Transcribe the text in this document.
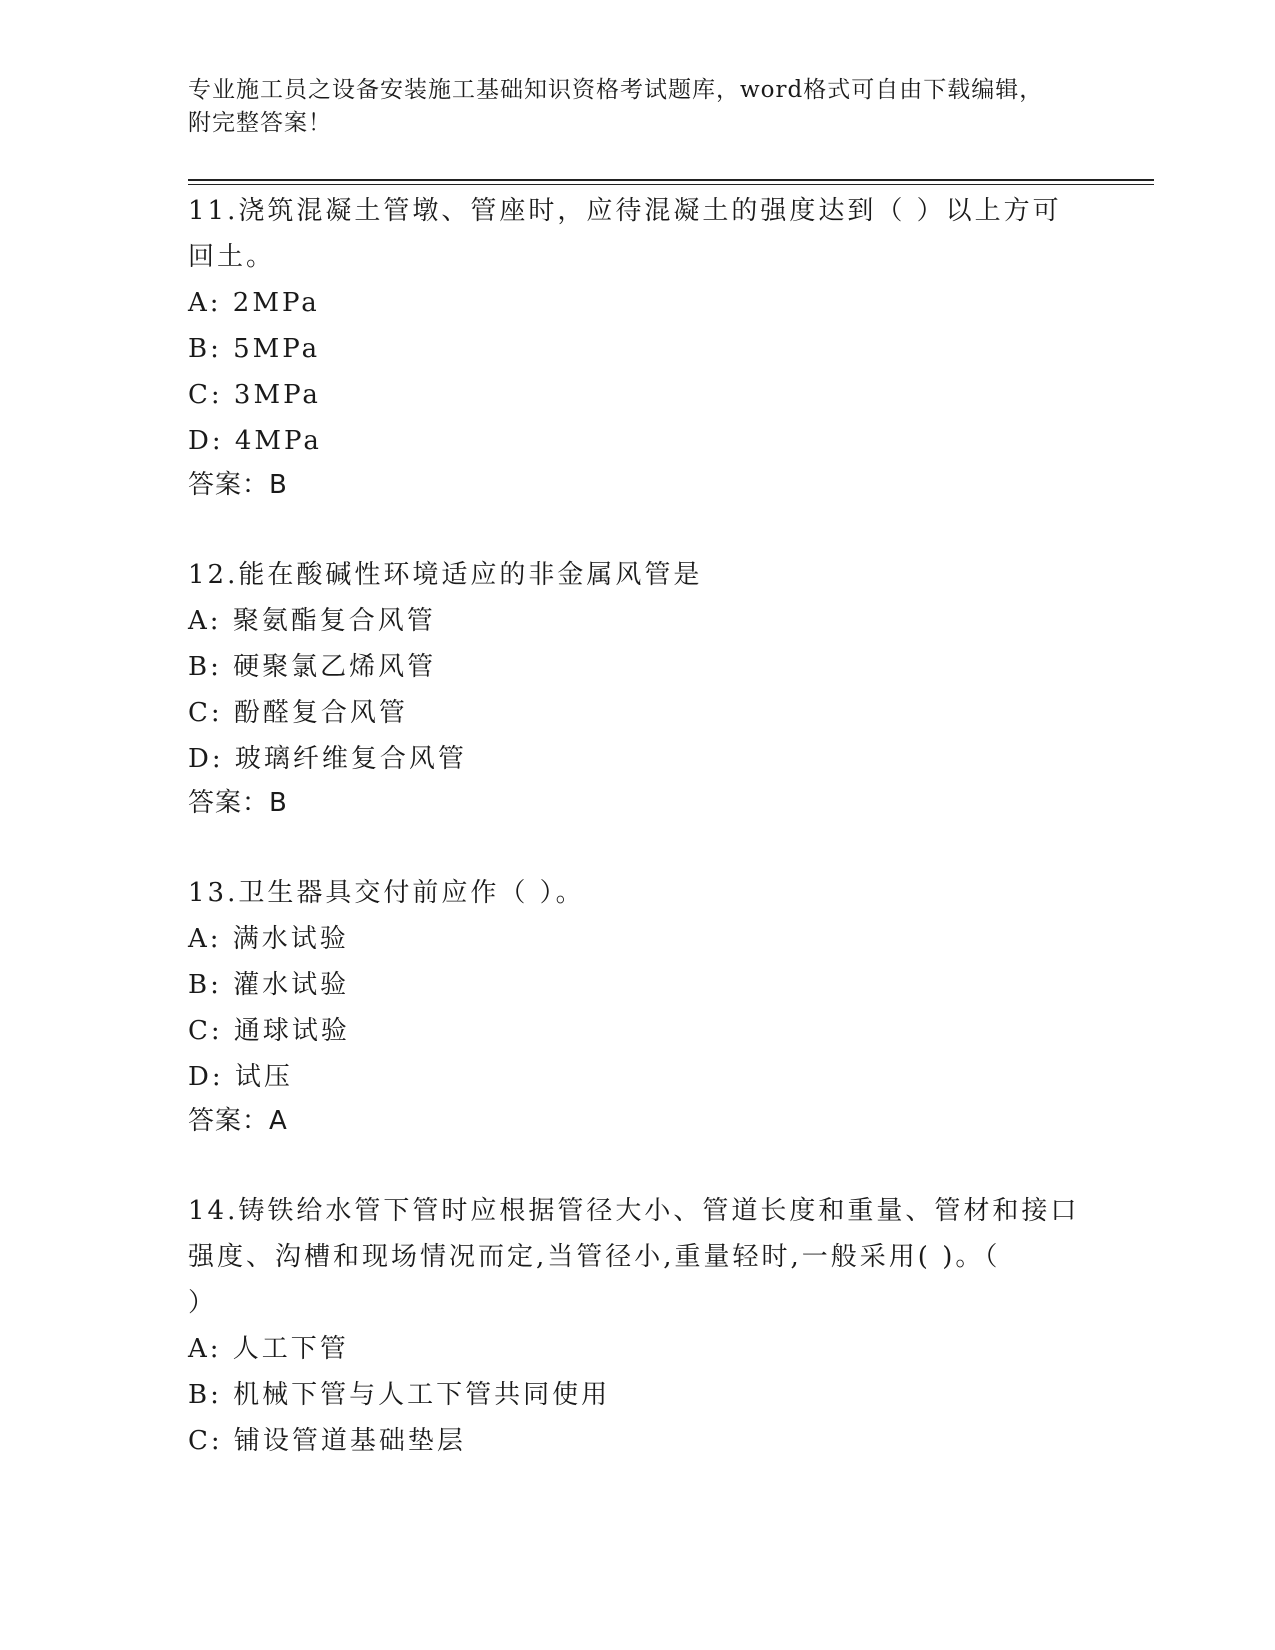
专业施工员之设备安装施工基础知识资格考试题库，word格式可自由下载编辑，
附完整答案！
11.浇筑混凝土管墩、管座时，应待混凝土的强度达到（ ）以上方可
回土。
A: 2MPa
B: 5MPa
C: 3MPa
D: 4MPa
答案：B
12.能在酸碱性环境适应的非金属风管是
A: 聚氨酯复合风管
B: 硬聚氯乙烯风管
C: 酚醛复合风管
D: 玻璃纤维复合风管
答案：B
13.卫生器具交付前应作（ ）。
A: 满水试验
B: 灌水试验
C: 通球试验
D: 试压
答案：A
14.铸铁给水管下管时应根据管径大小、管道长度和重量、管材和接口
强度、沟槽和现场情况而定,当管径小,重量轻时,一般采用( )。（
）
A: 人工下管
B: 机械下管与人工下管共同使用
C: 铺设管道基础垫层
